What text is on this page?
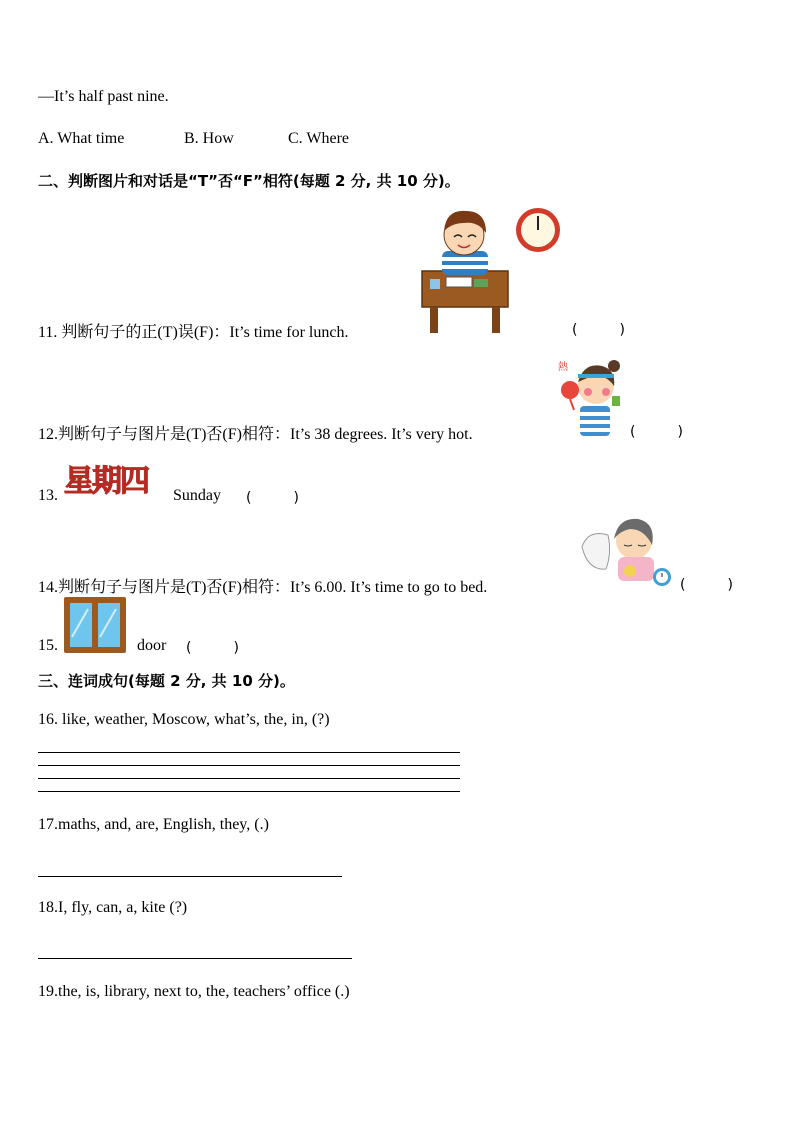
—It’s half past nine.
A. What time	B. How	C. Where
二、判断图片和对话是“T”否“F”相符(每题 2 分, 共 10 分)。
11. 判断句子的正(T)误(F)：It’s time for lunch.	(　　　)
熱
12.判断句子与图片是(T)否(F)相符：It’s 38 degrees. It’s very hot.	(　　　)
13. 星期四 Sunday (　　　)
14.判断句子与图片是(T)否(F)相符：It’s 6.00. It’s time to go to bed.	(　　　)
15.	door (　　　)
三、连词成句(每题 2 分, 共 10 分)。
16. like, weather, Moscow, what’s, the, in, (?)
17.maths, and, are, English, they, (.)
18.I, fly, can, a, kite (?)
19.the, is, library, next to, the, teachers’ office (.)
